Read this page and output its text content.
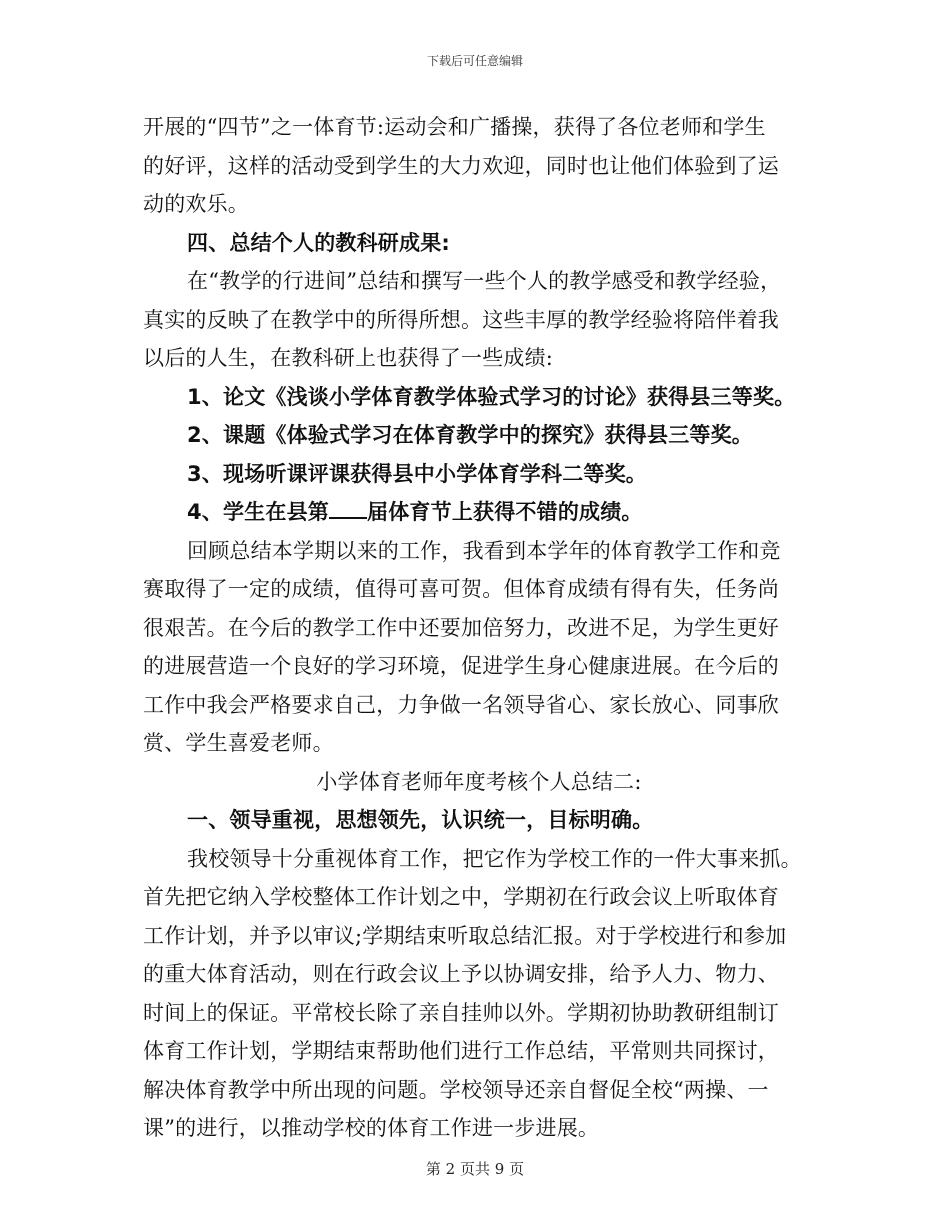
下载后可任意编辑
开展的“四节”之一体育节:运动会和广播操，获得了各位老师和学生
的好评，这样的活动受到学生的大力欢迎，同时也让他们体验到了运
动的欢乐。
四、总结个人的教科研成果:
在“教学的行进间”总结和撰写一些个人的教学感受和教学经验，
真实的反映了在教学中的所得所想。这些丰厚的教学经验将陪伴着我
以后的人生，在教科研上也获得了一些成绩:
1、论文《浅谈小学体育教学体验式学习的讨论》获得县三等奖。
2、课题《体验式学习在体育教学中的探究》获得县三等奖。
3、现场听课评课获得县中小学体育学科二等奖。
4、学生在县第 届体育节上获得不错的成绩。
回顾总结本学期以来的工作，我看到本学年的体育教学工作和竞
赛取得了一定的成绩，值得可喜可贺。但体育成绩有得有失，任务尚
很艰苦。在今后的教学工作中还要加倍努力，改进不足，为学生更好
的进展营造一个良好的学习环境，促进学生身心健康进展。在今后的
工作中我会严格要求自己，力争做一名领导省心、家长放心、同事欣
赏、学生喜爱老师。
小学体育老师年度考核个人总结二:
一、领导重视，思想领先，认识统一，目标明确。
我校领导十分重视体育工作，把它作为学校工作的一件大事来抓。
首先把它纳入学校整体工作计划之中，学期初在行政会议上听取体育
工作计划，并予以审议;学期结束听取总结汇报。对于学校进行和参加
的重大体育活动，则在行政会议上予以协调安排，给予人力、物力、
时间上的保证。平常校长除了亲自挂帅以外。学期初协助教研组制订
体育工作计划，学期结束帮助他们进行工作总结，平常则共同探讨，
解决体育教学中所出现的问题。学校领导还亲自督促全校“两操、一
课”的进行，以推动学校的体育工作进一步进展。
第 2 页共 9 页
